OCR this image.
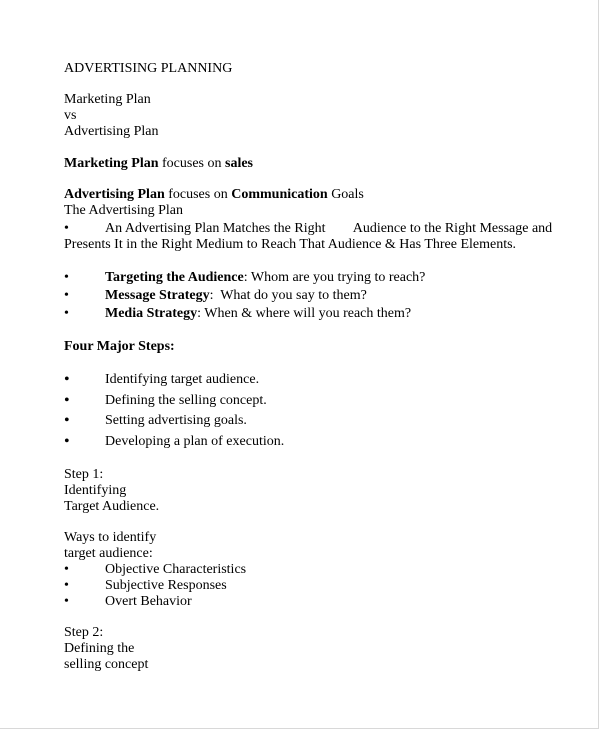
ADVERTISING PLANNING
Marketing Plan
vs
Advertising Plan
Marketing Plan focuses on sales
Advertising Plan focuses on Communication Goals
The Advertising Plan
•	An Advertising Plan Matches the Right        Audience to the Right Message and
Presents It in the Right Medium to Reach That Audience & Has Three Elements.
•	Targeting the Audience: Whom are you trying to reach?
•	Message Strategy:  What do you say to them?
•	Media Strategy: When & where will you reach them?
Four Major Steps:
•	Identifying target audience.
•	Defining the selling concept.
•	Setting advertising goals.
•	Developing a plan of execution.
Step 1:
Identifying
Target Audience.
Ways to identify
target audience:
•	Objective Characteristics
•	Subjective Responses
•	Overt Behavior
Step 2:
Defining the
selling concept
